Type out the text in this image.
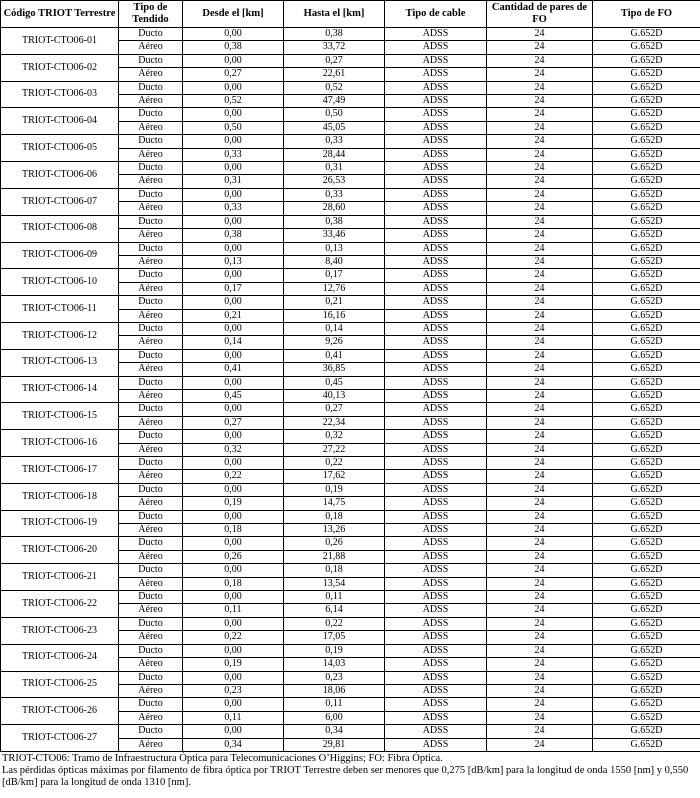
Código TRIOT Terrestre	Tipo de Tendido	Desde el [km]	Hasta el [km]	Tipo de cable	Cantidad de pares de FO	Tipo de FO
TRIOT-CTO06-01	Ducto	0,00	0,38	ADSS	24	G.652D
	Aéreo	0,38	33,72	ADSS	24	G.652D
TRIOT-CTO06-02	Ducto	0,00	0,27	ADSS	24	G.652D
	Aéreo	0,27	22,61	ADSS	24	G.652D
TRIOT-CTO06-03	Ducto	0,00	0,52	ADSS	24	G.652D
	Aéreo	0,52	47,49	ADSS	24	G.652D
TRIOT-CTO06-04	Ducto	0,00	0,50	ADSS	24	G.652D
	Aéreo	0,50	45,05	ADSS	24	G.652D
TRIOT-CTO06-05	Ducto	0,00	0,33	ADSS	24	G.652D
	Aéreo	0,33	28,44	ADSS	24	G.652D
TRIOT-CTO06-06	Ducto	0,00	0,31	ADSS	24	G.652D
	Aéreo	0,31	26,53	ADSS	24	G.652D
TRIOT-CTO06-07	Ducto	0,00	0,33	ADSS	24	G.652D
	Aéreo	0,33	28,60	ADSS	24	G.652D
TRIOT-CTO06-08	Ducto	0,00	0,38	ADSS	24	G.652D
	Aéreo	0,38	33,46	ADSS	24	G.652D
TRIOT-CTO06-09	Ducto	0,00	0,13	ADSS	24	G.652D
	Aéreo	0,13	8,40	ADSS	24	G.652D
TRIOT-CTO06-10	Ducto	0,00	0,17	ADSS	24	G.652D
	Aéreo	0,17	12,76	ADSS	24	G.652D
TRIOT-CTO06-11	Ducto	0,00	0,21	ADSS	24	G.652D
	Aéreo	0,21	16,16	ADSS	24	G.652D
TRIOT-CTO06-12	Ducto	0,00	0,14	ADSS	24	G.652D
	Aéreo	0,14	9,26	ADSS	24	G.652D
TRIOT-CTO06-13	Ducto	0,00	0,41	ADSS	24	G.652D
	Aéreo	0,41	36,85	ADSS	24	G.652D
TRIOT-CTO06-14	Ducto	0,00	0,45	ADSS	24	G.652D
	Aéreo	0,45	40,13	ADSS	24	G.652D
TRIOT-CTO06-15	Ducto	0,00	0,27	ADSS	24	G.652D
	Aéreo	0,27	22,34	ADSS	24	G.652D
TRIOT-CTO06-16	Ducto	0,00	0,32	ADSS	24	G.652D
	Aéreo	0,32	27,22	ADSS	24	G.652D
TRIOT-CTO06-17	Ducto	0,00	0,22	ADSS	24	G.652D
	Aéreo	0,22	17,62	ADSS	24	G.652D
TRIOT-CTO06-18	Ducto	0,00	0,19	ADSS	24	G.652D
	Aéreo	0,19	14,75	ADSS	24	G.652D
TRIOT-CTO06-19	Ducto	0,00	0,18	ADSS	24	G.652D
	Aéreo	0,18	13,26	ADSS	24	G.652D
TRIOT-CTO06-20	Ducto	0,00	0,26	ADSS	24	G.652D
	Aéreo	0,26	21,88	ADSS	24	G.652D
TRIOT-CTO06-21	Ducto	0,00	0,18	ADSS	24	G.652D
	Aéreo	0,18	13,54	ADSS	24	G.652D
TRIOT-CTO06-22	Ducto	0,00	0,11	ADSS	24	G.652D
	Aéreo	0,11	6,14	ADSS	24	G.652D
TRIOT-CTO06-23	Ducto	0,00	0,22	ADSS	24	G.652D
	Aéreo	0,22	17,05	ADSS	24	G.652D
TRIOT-CTO06-24	Ducto	0,00	0,19	ADSS	24	G.652D
	Aéreo	0,19	14,03	ADSS	24	G.652D
TRIOT-CTO06-25	Ducto	0,00	0,23	ADSS	24	G.652D
	Aéreo	0,23	18,06	ADSS	24	G.652D
TRIOT-CTO06-26	Ducto	0,00	0,11	ADSS	24	G.652D
	Aéreo	0,11	6,00	ADSS	24	G.652D
TRIOT-CTO06-27	Ducto	0,00	0,34	ADSS	24	G.652D
	Aéreo	0,34	29,81	ADSS	24	G.652D

TRIOT-CTO06: Tramo de Infraestructura Óptica para Telecomunicaciones O’Higgins; FO: Fibra Óptica.

Las pérdidas ópticas máximas por filamento de fibra óptica por TRIOT Terrestre deben ser menores que 0,275 [dB/km] para la longitud de onda 1550 [nm] y 0,550 [dB/km] para la longitud de onda 1310 [nm].
